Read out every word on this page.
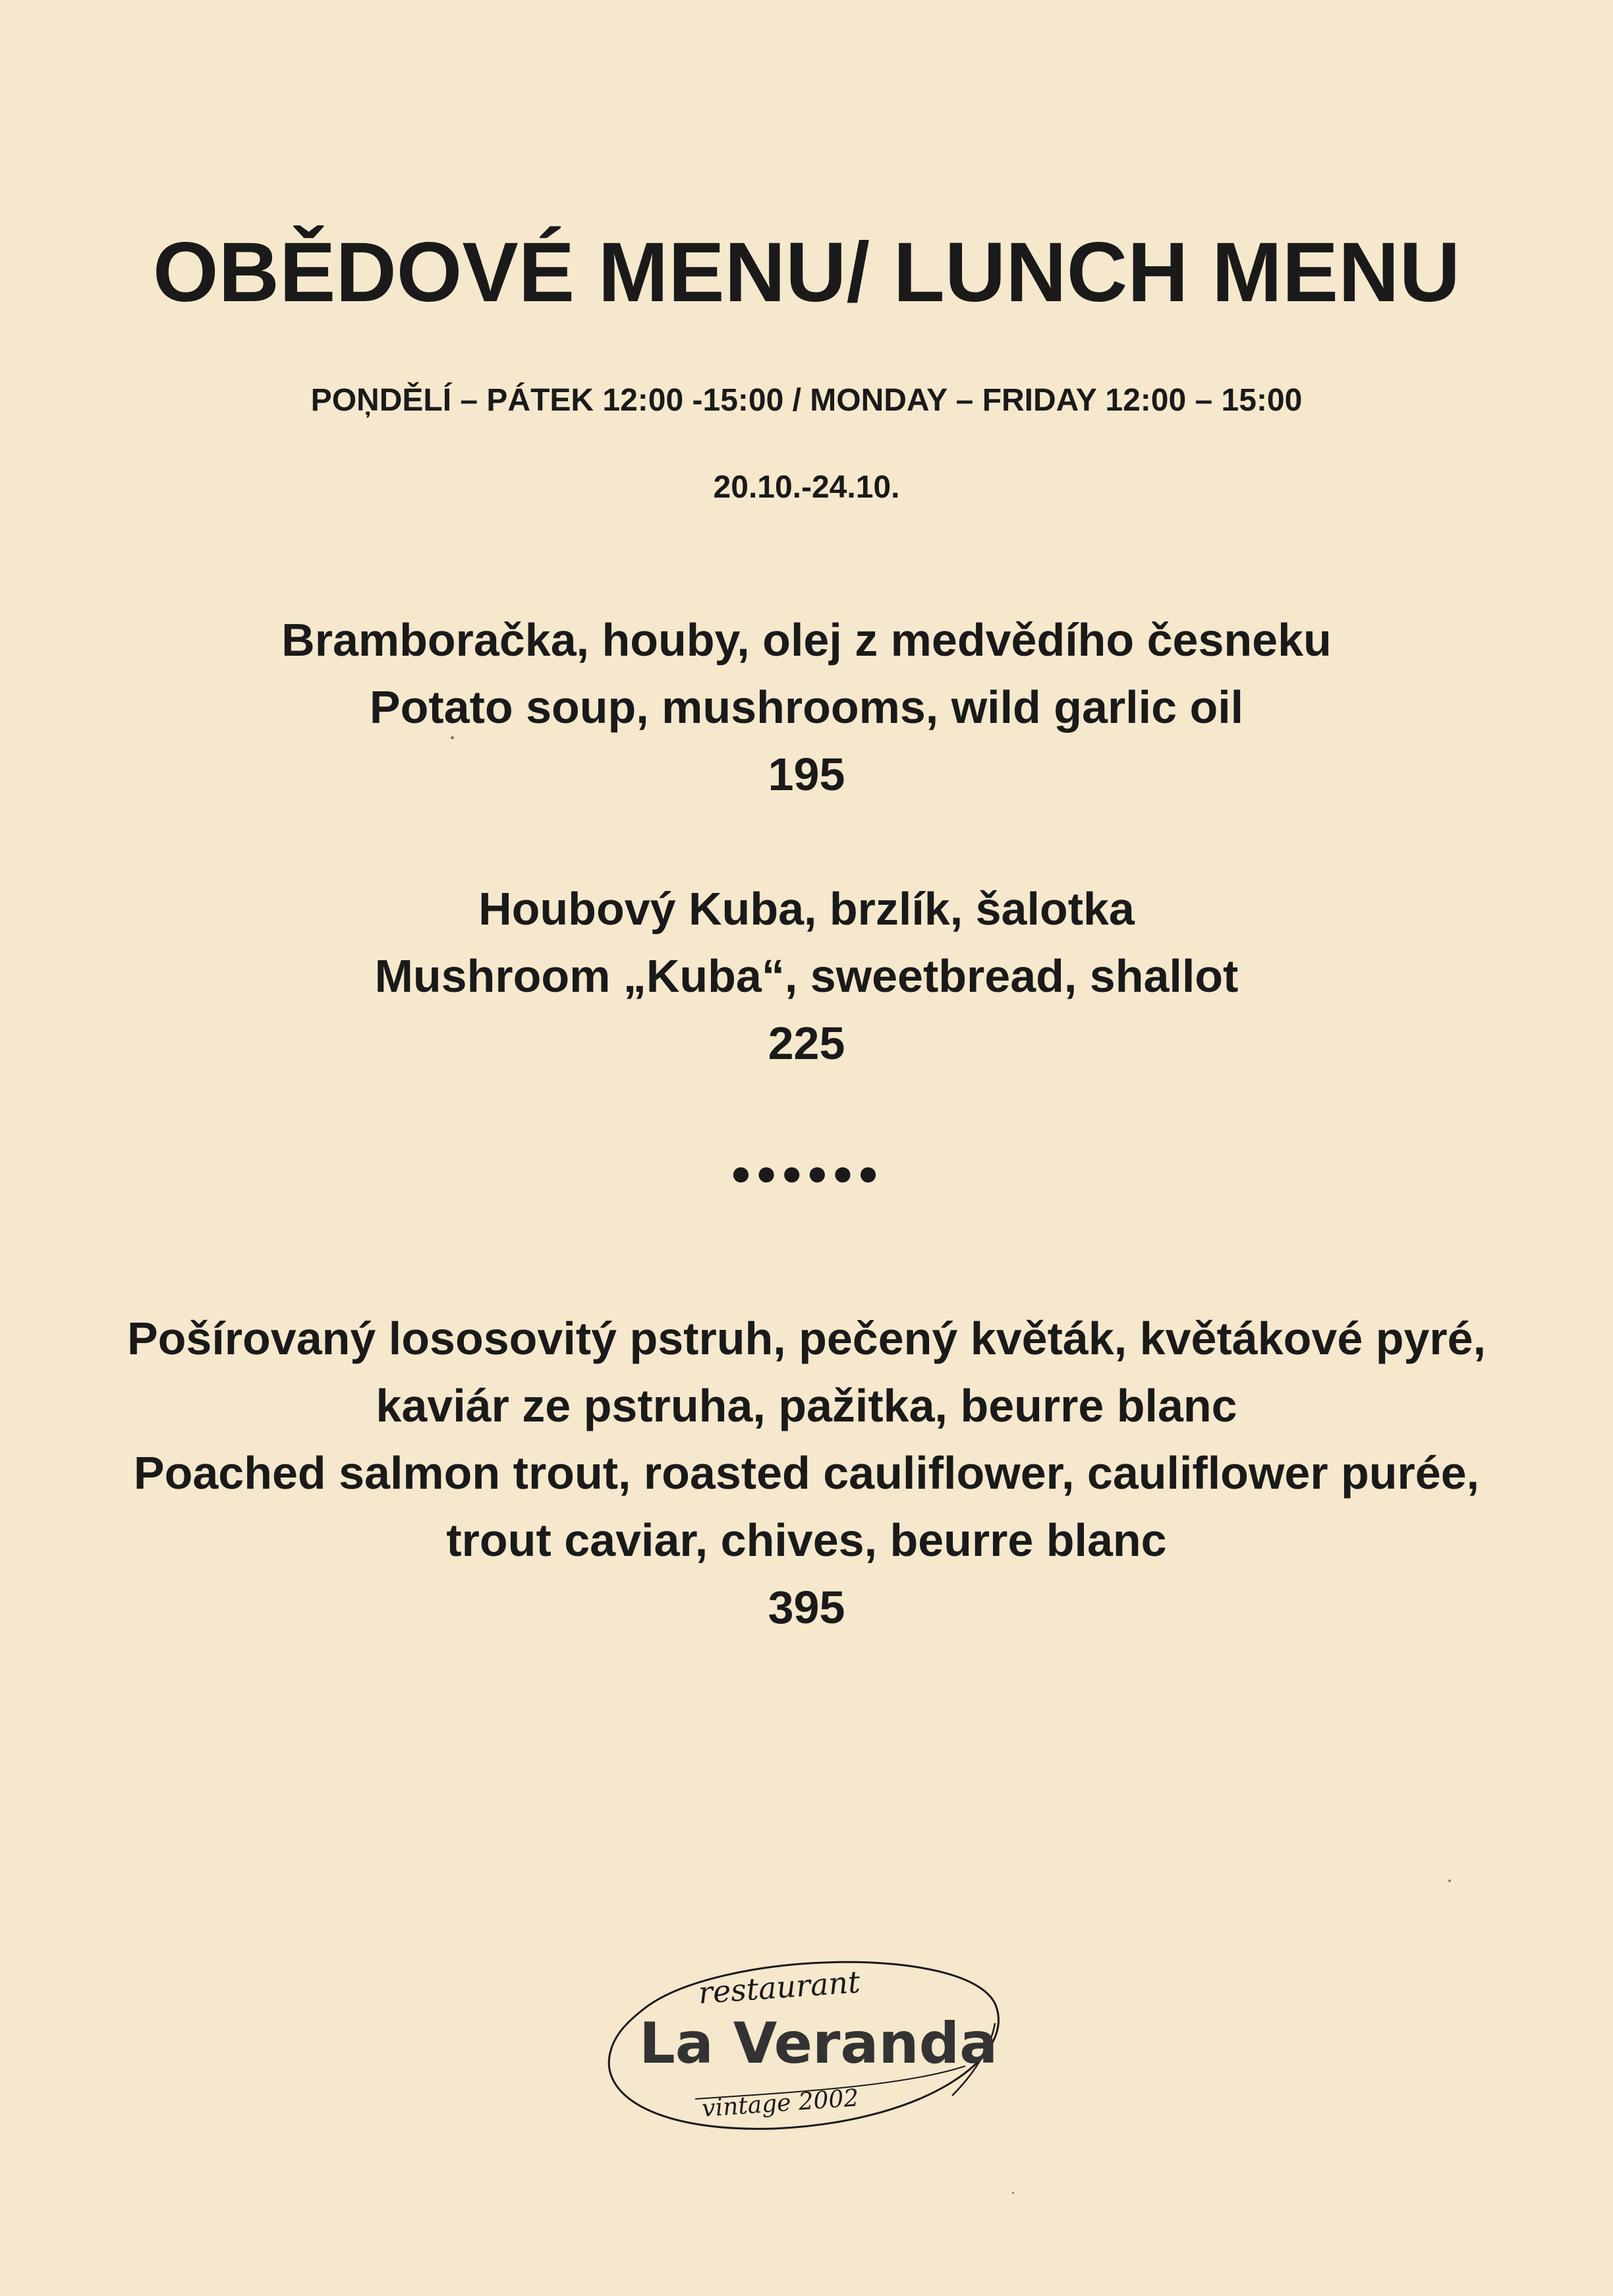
OBĚDOVÉ MENU/ LUNCH MENU
POŅDĚLÍ – PÁTEK 12:00 -15:00 / MONDAY – FRIDAY 12:00 – 15:00
20.10.-24.10.
Bramboračka, houby, olej z medvědího česneku
Potato soup, mushrooms, wild garlic oil
195
Houbový Kuba, brzlík, šalotka
Mushroom „Kuba“, sweetbread, shallot
225
●●●●●●
Pošírovaný lososovitý pstruh, pečený květák, květákové pyré,
kaviár ze pstruha, pažitka, beurre blanc
Poached salmon trout, roasted cauliflower, cauliflower purée,
trout caviar, chives, beurre blanc
395
restaurant
La Veranda
vintage 2002
